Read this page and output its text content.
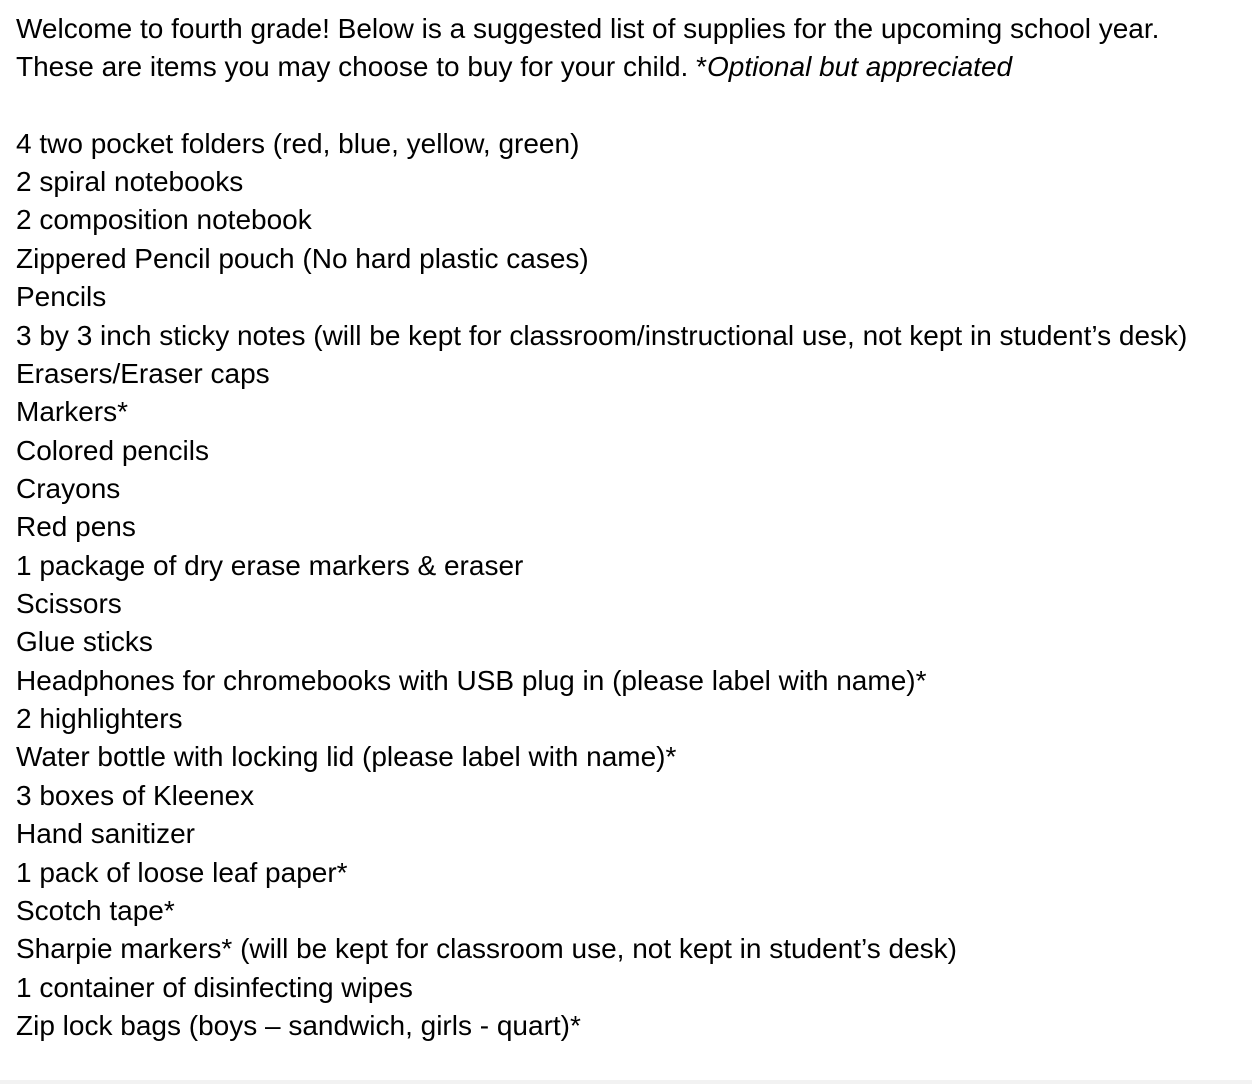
Welcome to fourth grade! Below is a suggested list of supplies for the upcoming school year.

These are items you may choose to buy for your child. *Optional but appreciated

4 two pocket folders (red, blue, yellow, green)
2 spiral notebooks
2 composition notebook
Zippered Pencil pouch (No hard plastic cases)
Pencils
3 by 3 inch sticky notes (will be kept for classroom/instructional use, not kept in student’s desk)
Erasers/Eraser caps
Markers*
Colored pencils
Crayons
Red pens
1 package of dry erase markers & eraser
Scissors
Glue sticks
Headphones for chromebooks with USB plug in (please label with name)*
2 highlighters
Water bottle with locking lid (please label with name)*
3 boxes of Kleenex
Hand sanitizer
1 pack of loose leaf paper*
Scotch tape*
Sharpie markers* (will be kept for classroom use, not kept in student’s desk)
1 container of disinfecting wipes
Zip lock bags (boys – sandwich, girls - quart)*
